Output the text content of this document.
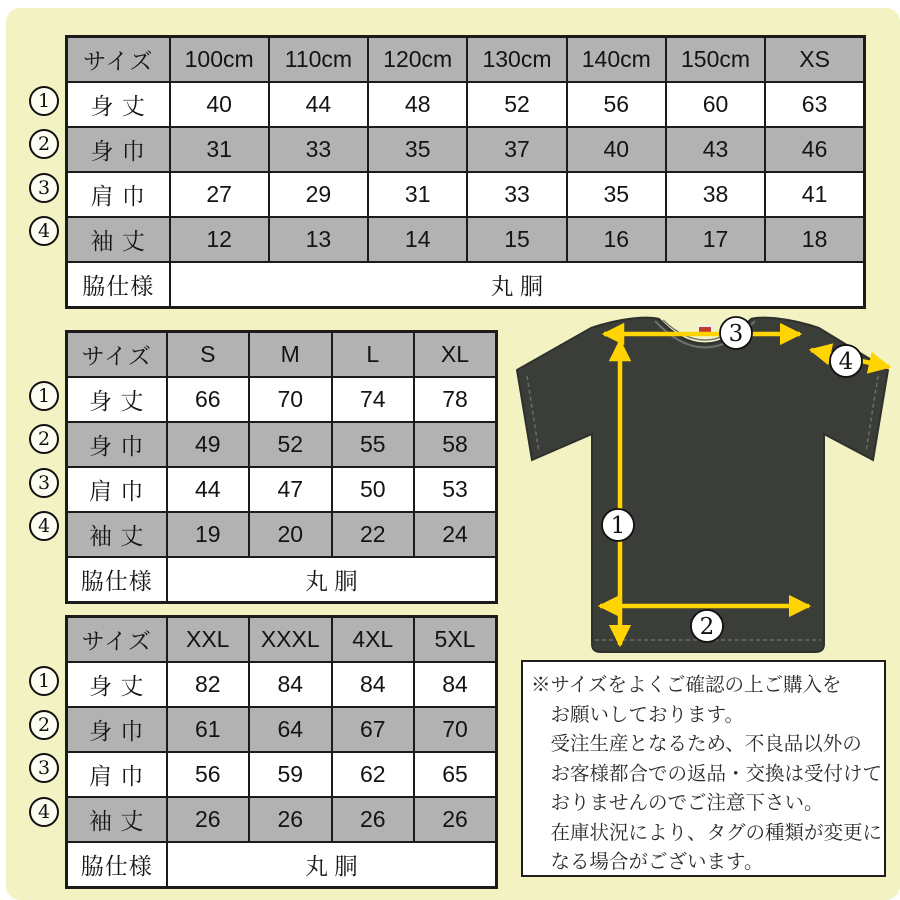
サイズ	100cm	110cm	120cm	130cm	140cm	150cm	XS
身 丈	40	44	48	52	56	60	63
身 巾	31	33	35	37	40	43	46
肩 巾	27	29	31	33	35	38	41
袖 丈	12	13	14	15	16	17	18
脇仕様	丸 胴						
サイズ	S	M	L	XL
身 丈	66	70	74	78
身 巾	49	52	55	58
肩 巾	44	47	50	53
袖 丈	19	20	22	24
脇仕様	丸 胴			
サイズ	XXL	XXXL	4XL	5XL
身 丈	82	84	84	84
身 巾	61	64	67	70
肩 巾	56	59	62	65
袖 丈	26	26	26	26
脇仕様	丸 胴			
1
2
3
4
1
2
3
4
1
2
3
4
3
4
1
2
※サイズをよくご確認の上ご購入を
お願いしております。
受注生産となるため、不良品以外の
お客様都合での返品・交換は受付けて
おりませんのでご注意下さい。
在庫状況により、タグの種類が変更に
なる場合がございます。
